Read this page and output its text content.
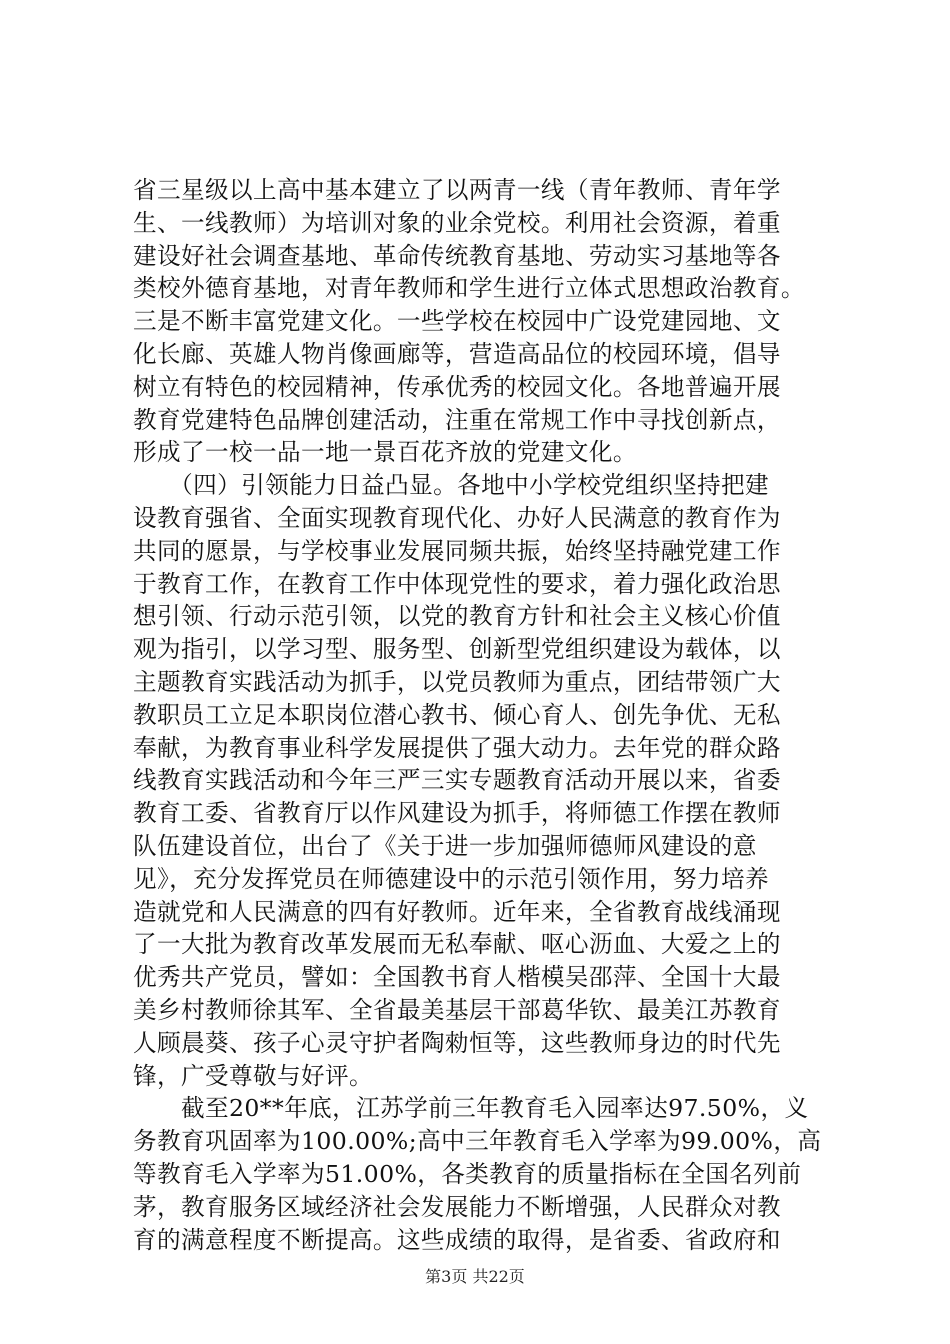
省三星级以上高中基本建立了以两青一线（青年教师、青年学
生、一线教师）为培训对象的业余党校。利用社会资源，着重
建设好社会调查基地、革命传统教育基地、劳动实习基地等各
类校外德育基地，对青年教师和学生进行立体式思想政治教育。
三是不断丰富党建文化。一些学校在校园中广设党建园地、文
化长廊、英雄人物肖像画廊等，营造高品位的校园环境，倡导
树立有特色的校园精神，传承优秀的校园文化。各地普遍开展
教育党建特色品牌创建活动，注重在常规工作中寻找创新点，
形成了一校一品一地一景百花齐放的党建文化。
　　（四）引领能力日益凸显。各地中小学校党组织坚持把建
设教育强省、全面实现教育现代化、办好人民满意的教育作为
共同的愿景，与学校事业发展同频共振，始终坚持融党建工作
于教育工作，在教育工作中体现党性的要求，着力强化政治思
想引领、行动示范引领，以党的教育方针和社会主义核心价值
观为指引，以学习型、服务型、创新型党组织建设为载体，以
主题教育实践活动为抓手，以党员教师为重点，团结带领广大
教职员工立足本职岗位潜心教书、倾心育人、创先争优、无私
奉献，为教育事业科学发展提供了强大动力。去年党的群众路
线教育实践活动和今年三严三实专题教育活动开展以来，省委
教育工委、省教育厅以作风建设为抓手，将师德工作摆在教师
队伍建设首位，出台了《关于进一步加强师德师风建设的意
见》，充分发挥党员在师德建设中的示范引领作用，努力培养
造就党和人民满意的四有好教师。近年来，全省教育战线涌现
了一大批为教育改革发展而无私奉献、呕心沥血、大爱之上的
优秀共产党员，譬如：全国教书育人楷模吴邵萍、全国十大最
美乡村教师徐其军、全省最美基层干部葛华钦、最美江苏教育
人顾晨葵、孩子心灵守护者陶勑恒等，这些教师身边的时代先
锋，广受尊敬与好评。
　　截至20**年底，江苏学前三年教育毛入园率达97.50%，义
务教育巩固率为100.00%;高中三年教育毛入学率为99.00%，高
等教育毛入学率为51.00%，各类教育的质量指标在全国名列前
茅，教育服务区域经济社会发展能力不断增强，人民群众对教
育的满意程度不断提高。这些成绩的取得，是省委、省政府和
第3页 共22页
